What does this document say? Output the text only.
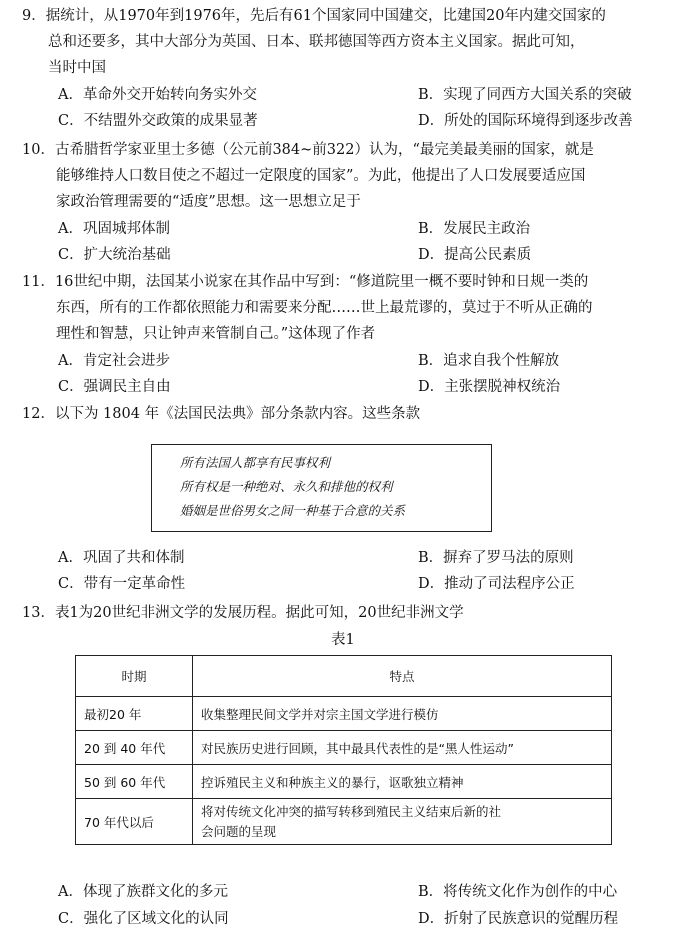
9．据统计，从1970年到1976年，先后有61个国家同中国建交，比建国20年内建交国家的
总和还要多，其中大部分为英国、日本、联邦德国等西方资本主义国家。据此可知，
当时中国
A．革命外交开始转向务实外交	B．实现了同西方大国关系的突破
C．不结盟外交政策的成果显著	D．所处的国际环境得到逐步改善
10．古希腊哲学家亚里士多德（公元前384~前322）认为，“最完美最美丽的国家，就是
能够维持人口数目使之不超过一定限度的国家”。为此，他提出了人口发展要适应国
家政治管理需要的“适度”思想。这一思想立足于
A．巩固城邦体制	B．发展民主政治
C．扩大统治基础	D．提高公民素质
11．16世纪中期，法国某小说家在其作品中写到：“修道院里一概不要时钟和日规一类的
东西，所有的工作都依照能力和需要来分配……世上最荒谬的，莫过于不听从正确的
理性和智慧，只让钟声来管制自己。”这体现了作者
A．肯定社会进步	B．追求自我个性解放
C．强调民主自由	D．主张摆脱神权统治
12．以下为 1804 年《法国民法典》部分条款内容。这些条款
所有法国人都享有民事权利
所有权是一种绝对、永久和排他的权利
婚姻是世俗男女之间一种基于合意的关系
A．巩固了共和体制	B．摒弃了罗马法的原则
C．带有一定革命性	D．推动了司法程序公正
13．表1为20世纪非洲文学的发展历程。据此可知，20世纪非洲文学
表1
时期	特点
最初20 年	收集整理民间文学并对宗主国文学进行模仿
20 到 40 年代	对民族历史进行回顾，其中最具代表性的是“黑人性运动”
50 到 60 年代	控诉殖民主义和种族主义的暴行，讴歌独立精神
70 年代以后	将对传统文化冲突的描写转移到殖民主义结束后新的社
会问题的呈现
A．体现了族群文化的多元	B．将传统文化作为创作的中心
C．强化了区域文化的认同	D．折射了民族意识的觉醒历程
